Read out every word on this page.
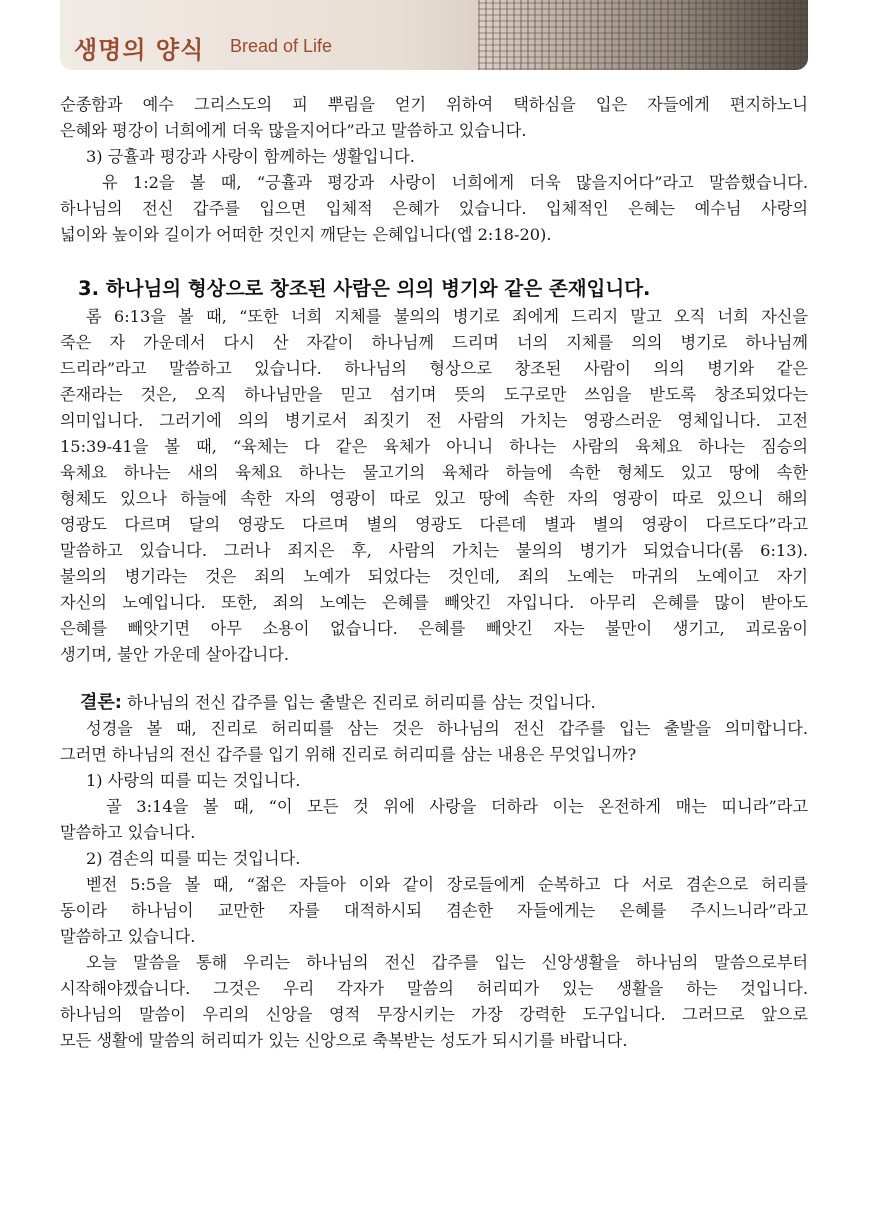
생명의 양식 Bread of Life
순종함과 예수 그리스도의 피 뿌림을 얻기 위하여 택하심을 입은 자들에게 편지하노니
은혜와 평강이 너희에게 더욱 많을지어다”라고 말씀하고 있습니다.
3) 긍휼과 평강과 사랑이 함께하는 생활입니다.
유 1:2을 볼 때, “긍휼과 평강과 사랑이 너희에게 더욱 많을지어다”라고 말씀했습니다.
하나님의 전신 갑주를 입으면 입체적 은혜가 있습니다. 입체적인 은혜는 예수님 사랑의
넓이와 높이와 길이가 어떠한 것인지 깨닫는 은혜입니다(엡 2:18-20).
3. 하나님의 형상으로 창조된 사람은 의의 병기와 같은 존재입니다.
롬 6:13을 볼 때, “또한 너희 지체를 불의의 병기로 죄에게 드리지 말고 오직 너희 자신을
죽은 자 가운데서 다시 산 자같이 하나님께 드리며 너의 지체를 의의 병기로 하나님께
드리라”라고 말씀하고 있습니다. 하나님의 형상으로 창조된 사람이 의의 병기와 같은
존재라는 것은, 오직 하나님만을 믿고 섬기며 뜻의 도구로만 쓰임을 받도록 창조되었다는
의미입니다. 그러기에 의의 병기로서 죄짓기 전 사람의 가치는 영광스러운 영체입니다. 고전
15:39-41을 볼 때, “육체는 다 같은 육체가 아니니 하나는 사람의 육체요 하나는 짐승의
육체요 하나는 새의 육체요 하나는 물고기의 육체라 하늘에 속한 형체도 있고 땅에 속한
형체도 있으나 하늘에 속한 자의 영광이 따로 있고 땅에 속한 자의 영광이 따로 있으니 해의
영광도 다르며 달의 영광도 다르며 별의 영광도 다른데 별과 별의 영광이 다르도다”라고
말씀하고 있습니다. 그러나 죄지은 후, 사람의 가치는 불의의 병기가 되었습니다(롬 6:13).
불의의 병기라는 것은 죄의 노예가 되었다는 것인데, 죄의 노예는 마귀의 노예이고 자기
자신의 노예입니다. 또한, 죄의 노예는 은혜를 빼앗긴 자입니다. 아무리 은혜를 많이 받아도
은혜를 빼앗기면 아무 소용이 없습니다. 은혜를 빼앗긴 자는 불만이 생기고, 괴로움이
생기며, 불안 가운데 살아갑니다.
결론: 하나님의 전신 갑주를 입는 출발은 진리로 허리띠를 삼는 것입니다.
성경을 볼 때, 진리로 허리띠를 삼는 것은 하나님의 전신 갑주를 입는 출발을 의미합니다.
그러면 하나님의 전신 갑주를 입기 위해 진리로 허리띠를 삼는 내용은 무엇입니까?
1) 사랑의 띠를 띠는 것입니다.
골 3:14을 볼 때, “이 모든 것 위에 사랑을 더하라 이는 온전하게 매는 띠니라”라고
말씀하고 있습니다.
2) 겸손의 띠를 띠는 것입니다.
벧전 5:5을 볼 때, “젊은 자들아 이와 같이 장로들에게 순복하고 다 서로 겸손으로 허리를
동이라 하나님이 교만한 자를 대적하시되 겸손한 자들에게는 은혜를 주시느니라”라고
말씀하고 있습니다.
오늘 말씀을 통해 우리는 하나님의 전신 갑주를 입는 신앙생활을 하나님의 말씀으로부터
시작해야겠습니다. 그것은 우리 각자가 말씀의 허리띠가 있는 생활을 하는 것입니다.
하나님의 말씀이 우리의 신앙을 영적 무장시키는 가장 강력한 도구입니다. 그러므로 앞으로
모든 생활에 말씀의 허리띠가 있는 신앙으로 축복받는 성도가 되시기를 바랍니다.
